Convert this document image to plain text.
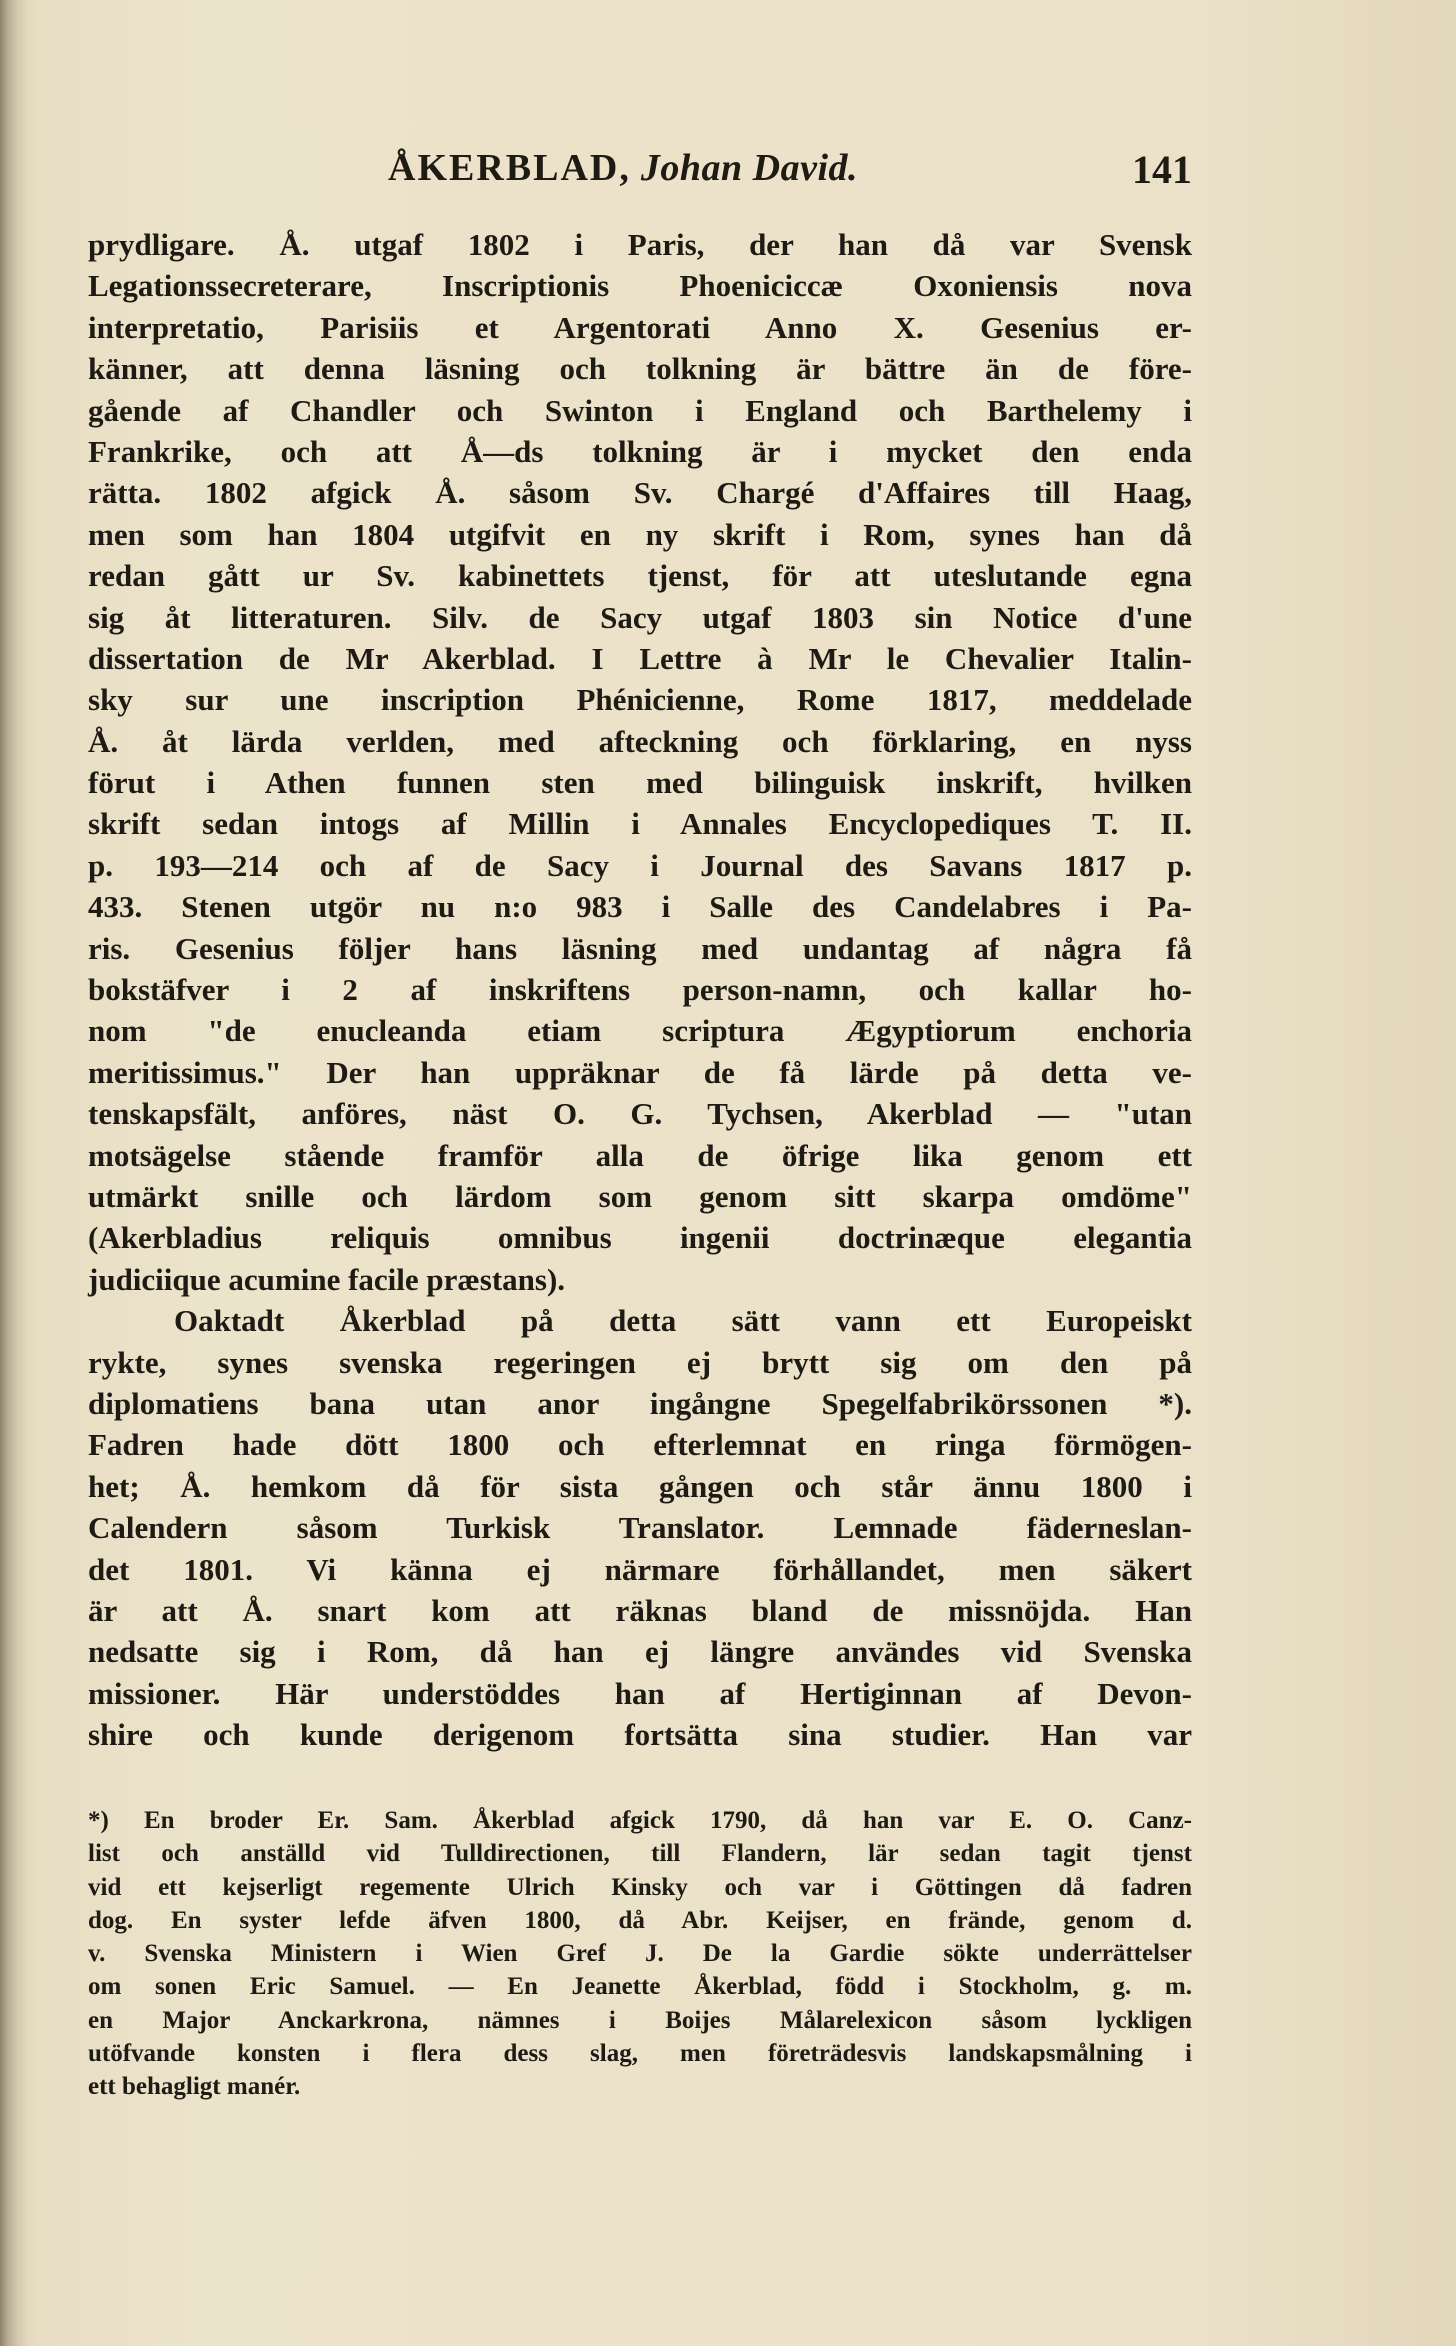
ÅKERBLAD, Johan David.	141
prydligare. Å. utgaf 1802 i Paris, der han då var Svensk
Legationssecreterare, Inscriptionis Phoeniciccæ Oxoniensis nova
interpretatio, Parisiis et Argentorati Anno X. Gesenius er-
känner, att denna läsning och tolkning är bättre än de före-
gående af Chandler och Swinton i England och Barthelemy i
Frankrike, och att Å—ds tolkning är i mycket den enda
rätta. 1802 afgick Å. såsom Sv. Chargé d'Affaires till Haag,
men som han 1804 utgifvit en ny skrift i Rom, synes han då
redan gått ur Sv. kabinettets tjenst, för att uteslutande egna
sig åt litteraturen. Silv. de Sacy utgaf 1803 sin Notice d'une
dissertation de Mr Akerblad. I Lettre à Mr le Chevalier Italin-
sky sur une inscription Phénicienne, Rome 1817, meddelade
Å. åt lärda verlden, med afteckning och förklaring, en nyss
förut i Athen funnen sten med bilinguisk inskrift, hvilken
skrift sedan intogs af Millin i Annales Encyclopediques T. II.
p. 193—214 och af de Sacy i Journal des Savans 1817 p.
433. Stenen utgör nu n:o 983 i Salle des Candelabres i Pa-
ris. Gesenius följer hans läsning med undantag af några få
bokstäfver i 2 af inskriftens person-namn, och kallar ho-
nom "de enucleanda etiam scriptura Ægyptiorum enchoria
meritissimus." Der han uppräknar de få lärde på detta ve-
tenskapsfält, anföres, näst O. G. Tychsen, Akerblad — "utan
motsägelse stående framför alla de öfrige lika genom ett
utmärkt snille och lärdom som genom sitt skarpa omdöme"
(Akerbladius reliquis omnibus ingenii doctrinæque elegantia
judiciique acumine facile præstans).
Oaktadt Åkerblad på detta sätt vann ett Europeiskt
rykte, synes svenska regeringen ej brytt sig om den på
diplomatiens bana utan anor ingångne Spegelfabrikörssonen *).
Fadren hade dött 1800 och efterlemnat en ringa förmögen-
het; Å. hemkom då för sista gången och står ännu 1800 i
Calendern såsom Turkisk Translator. Lemnade fäderneslan-
det 1801. Vi känna ej närmare förhållandet, men säkert
är att Å. snart kom att räknas bland de missnöjda. Han
nedsatte sig i Rom, då han ej längre användes vid Svenska
missioner. Här understöddes han af Hertiginnan af Devon-
shire och kunde derigenom fortsätta sina studier. Han var
*) En broder Er. Sam. Åkerblad afgick 1790, då han var E. O. Canz-
list och anställd vid Tulldirectionen, till Flandern, lär sedan tagit tjenst
vid ett kejserligt regemente Ulrich Kinsky och var i Göttingen då fadren
dog. En syster lefde äfven 1800, då Abr. Keijser, en frände, genom d.
v. Svenska Ministern i Wien Gref J. De la Gardie sökte underrättelser
om sonen Eric Samuel. — En Jeanette Åkerblad, född i Stockholm, g. m.
en Major Anckarkrona, nämnes i Boijes Målarelexicon såsom lyckligen
utöfvande konsten i flera dess slag, men företrädesvis landskapsmålning i
ett behagligt manér.
